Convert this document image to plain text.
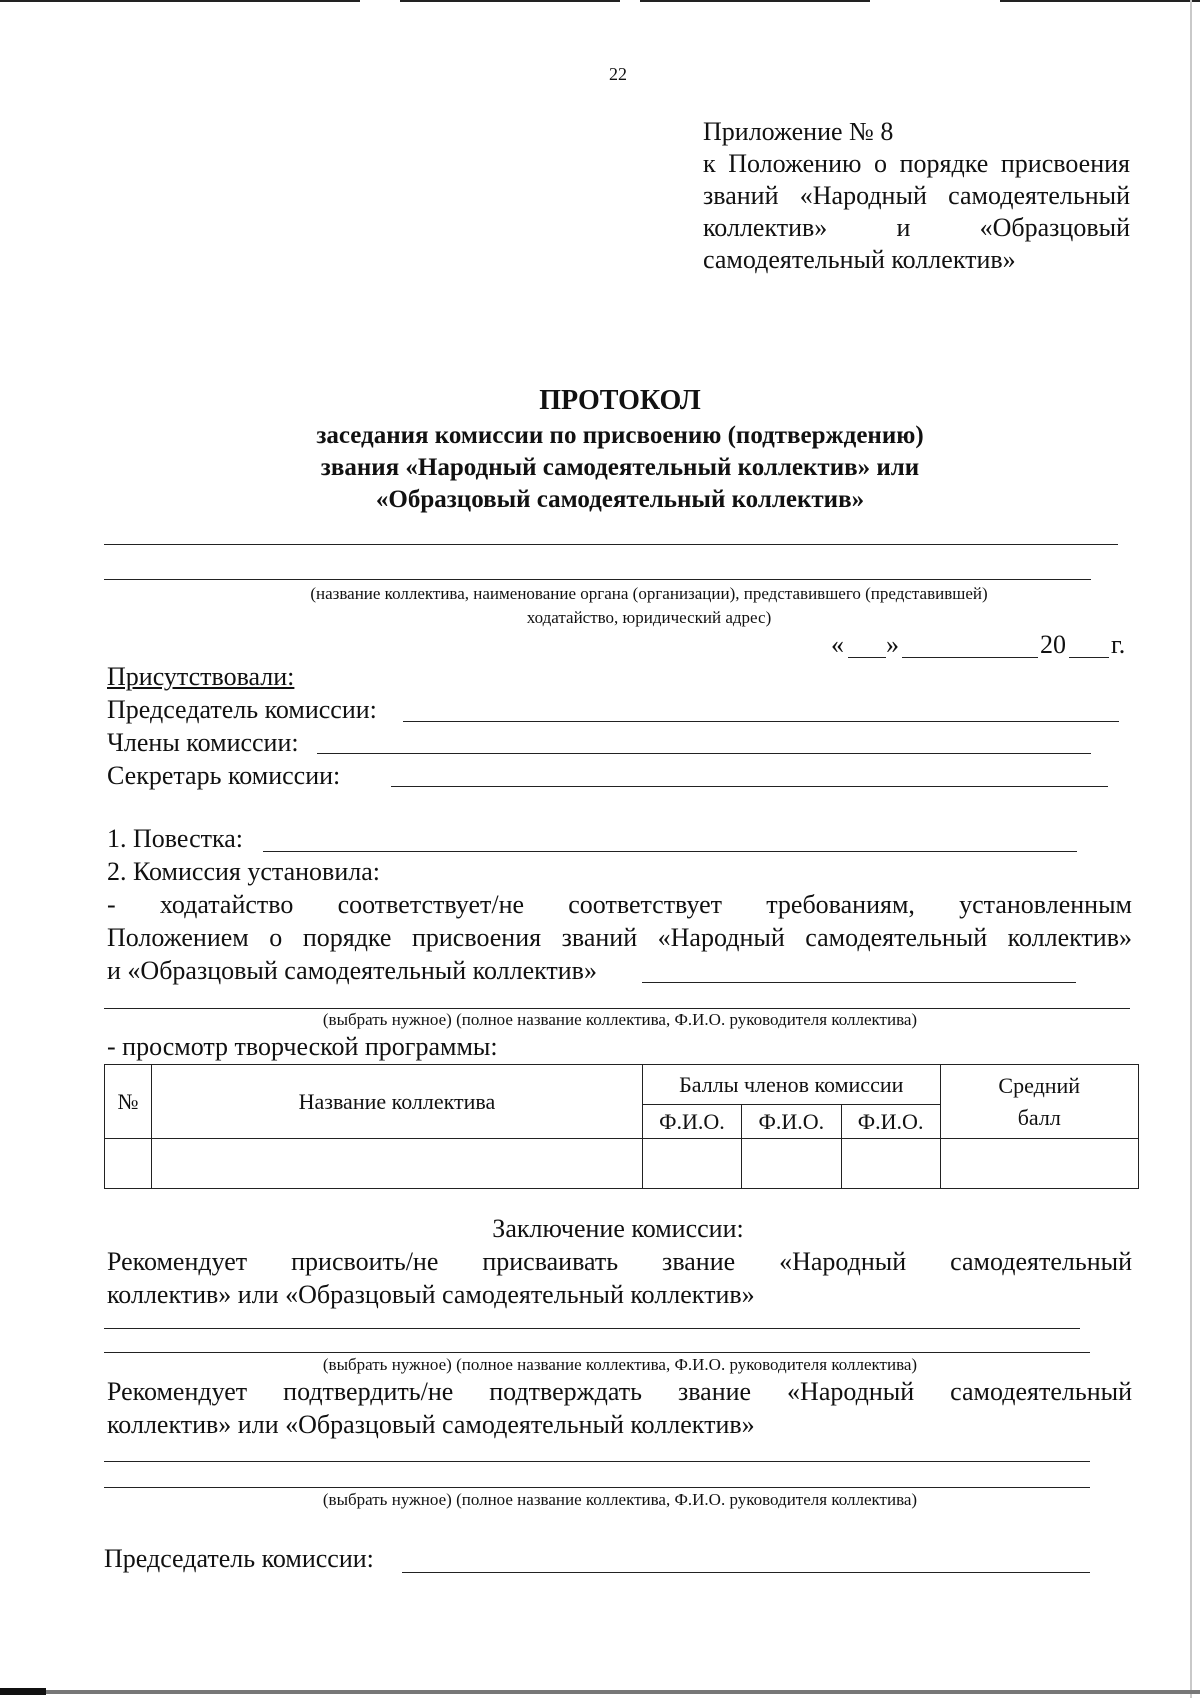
22
Приложение № 8
к Положению о порядке присвоения званий «Народный самодеятельный коллектив» и «Образцовый самодеятельный коллектив»
ПРОТОКОЛ
заседания комиссии по присвоению (подтверждению)
звания «Народный самодеятельный коллектив» или
«Образцовый самодеятельный коллектив»
(название коллектива, наименование органа (организации), представившего (представившей)
ходатайство, юридический адрес)
« »	20 г.
Присутствовали:
Председатель комиссии:
Члены комиссии:
Секретарь комиссии:
1. Повестка:
2. Комиссия установила:
- ходатайство соответствует/не соответствует требованиям, установленным
Положением о порядке присвоения званий «Народный самодеятельный коллектив»
и «Образцовый самодеятельный коллектив»
(выбрать нужное) (полное название коллектива, Ф.И.О. руководителя коллектива)
- просмотр творческой программы:
№	Название коллектива	Баллы членов комиссии			Средний
балл

		Ф.И.О.	Ф.И.О.	Ф.И.О.	

Заключение комиссии:
Рекомендует присвоить/не присваивать звание «Народный самодеятельный
коллектив» или «Образцовый самодеятельный коллектив»
(выбрать нужное) (полное название коллектива, Ф.И.О. руководителя коллектива)
Рекомендует подтвердить/не подтверждать звание «Народный самодеятельный
коллектив» или «Образцовый самодеятельный коллектив»
(выбрать нужное) (полное название коллектива, Ф.И.О. руководителя коллектива)
Председатель комиссии:
